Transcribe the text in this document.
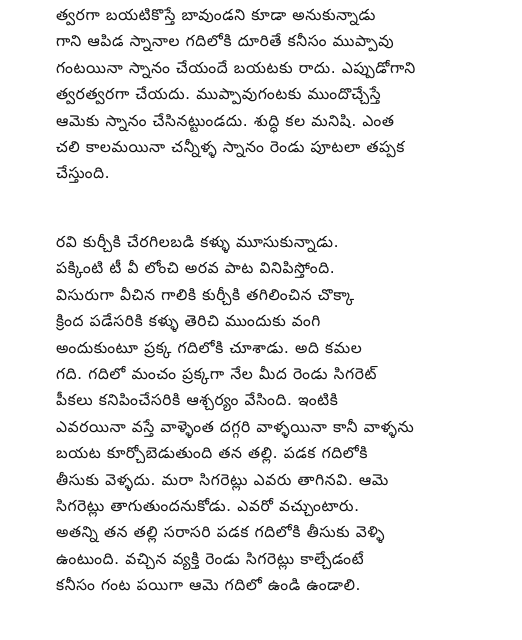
త్వరగా బయటికొస్తే బావుండని కూడా అనుకున్నాడు
గాని ఆపిడ స్నానాల గదిలోకి దూరితే కనీసం ముప్పావు
గంటయినా స్నానం చేయందే బయటకు రాదు. ఎప్పుడోగాని
త్వరత్వరగా చేయదు. ముప్పావుగంటకు ముందొచ్చేస్తే
ఆమెకు స్నానం చేసినట్టుండదు. శుద్ధి కల మనిషి. ఎంత
చలి కాలమయినా చన్నీళ్ళ స్నానం రెండు పూటలా తప్పక
చేస్తుంది.
రవి కుర్చీకి చేరగిలబడి కళ్ళు మూసుకున్నాడు.
పక్కింటి టీ వీ లోంచి అరవ పాట వినిపిస్తోంది.
విసురుగా వీచిన గాలికి కుర్చీకి తగిలించిన చొక్కా
క్రింద పడేసరికి కళ్ళు తెరిచి ముందుకు వంగి
అందుకుంటూ ప్రక్క గదిలోకి చూశాడు. అది కమల
గది. గదిలో మంచం ప్రక్కగా నేల మీద రెండు సిగరెట్
పీకలు కనిపించేసరికి ఆశ్చర్యం వేసింది. ఇంటికి
ఎవరయినా వస్తే వాళ్ళెంత దగ్గరి వాళ్ళయినా కానీ వాళ్ళను
బయట కూర్చోబెడుతుంది తన తల్లి. పడక గదిలోకి
తీసుకు వెళ్ళదు. మరా సిగరెట్లు ఎవరు తాగినవి. ఆమె
సిగరెట్లు తాగుతుందనుకోడు. ఎవరో వచ్చుంటారు.
అతన్ని తన తల్లి సరాసరి పడక గదిలోకి తీసుకు వెళ్ళి
ఉంటుంది. వచ్చిన వ్యక్తి రెండు సిగరెట్లు కాల్చేడంటే
కనీసం గంట పయిగా ఆమె గదిలో ఉండి ఉండాలి.
